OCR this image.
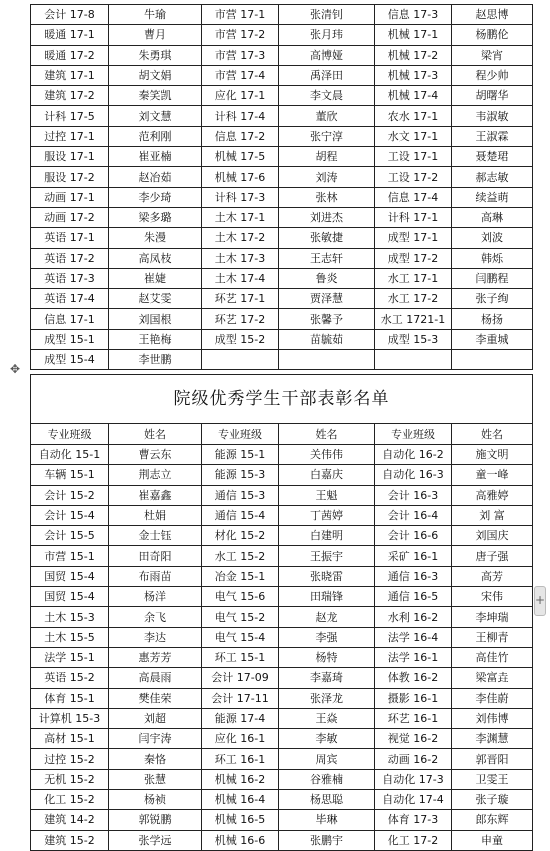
✥
会计 17-8	牛瑜	市营 17-1	张清钊	信息 17-3	赵思博
暖通 17-1	曹月	市营 17-2	张月玮	机械 17-1	杨鹏伦
暖通 17-2	朱勇琪	市营 17-3	高博娅	机械 17-2	梁宵
建筑 17-1	胡文娟	市营 17-4	禹泽田	机械 17-3	程少帅
建筑 17-2	秦笑凯	应化 17-1	李文晨	机械 17-4	胡曙华
计科 17-5	刘文慧	计科 17-4	董欣	农水 17-1	韦淑敏
过控 17-1	范利刚	信息 17-2	张宁淳	水文 17-1	王淑霖
服设 17-1	崔亚楠	机械 17-5	胡程	工设 17-1	聂楚珺
服设 17-2	赵冶茹	机械 17-6	刘涛	工设 17-2	郝志敏
动画 17-1	李少琦	计科 17-3	张林	信息 17-4	续益萌
动画 17-2	梁多璐	土木 17-1	刘进杰	计科 17-1	高琳
英语 17-1	朱漫	土木 17-2	张敏捷	成型 17-1	刘波
英语 17-2	高凤枝	土木 17-3	王志轩	成型 17-2	韩烁
英语 17-3	崔婕	土木 17-4	鲁炎	水工 17-1	闫鹏程
英语 17-4	赵艾雯	环艺 17-1	贾泽慧	水工 17-2	张子绚
信息 17-1	刘国根	环艺 17-2	张馨予	水工 1721-1	杨扬
成型 15-1	王艳梅	成型 15-2	苗毓茹	成型 15-3	李重城
成型 15-4	李世鹏				
院级优秀学生干部表彰名单					
专业班级	姓名	专业班级	姓名	专业班级	姓名
自动化 15-1	曹云东	能源 15-1	关伟伟	自动化 16-2	施文明
车辆 15-1	荆志立	能源 15-3	白嘉庆	自动化 16-3	童一峰
会计 15-2	崔嘉鑫	通信 15-3	王魁	会计 16-3	高雅婷
会计 15-4	杜娟	通信 15-4	丁茜婷	会计 16-4	刘 富
会计 15-5	金士钰	材化 15-2	白建明	会计 16-6	刘国庆
市营 15-1	田奇阳	水工 15-2	王振宇	采矿 16-1	唐子强
国贸 15-4	布雨苗	冶金 15-1	张晓雷	通信 16-3	高芳
国贸 15-4	杨洋	电气 15-6	田瑞锋	通信 16-5	宋伟
土木 15-3	余飞	电气 15-2	赵龙	水利 16-2	李坤瑞
土木 15-5	李达	电气 15-4	李强	法学 16-4	王柳青
法学 15-1	惠芳芳	环工 15-1	杨特	法学 16-1	高佳竹
英语 15-2	高晨雨	会计 17-09	李嘉琦	体教 16-2	梁富垚
体育 15-1	樊佳荣	会计 17-11	张泽龙	摄影 16-1	李佳蔚
计算机 15-3	刘超	能源 17-4	王焱	环艺 16-1	刘伟博
高材 15-1	闫宇涛	应化 16-1	李敏	视觉 16-2	李渊慧
过控 15-2	秦恪	环工 16-1	周宾	动画 16-2	郭晋阳
无机 15-2	张慧	机械 16-2	谷雅楠	自动化 17-3	卫雯王
化工 15-2	杨祯	机械 16-4	杨思聪	自动化 17-4	张子璇
建筑 14-2	郭锐鹏	机械 16-5	毕琳	体育 17-3	郎东辉
建筑 15-2	张学远	机械 16-6	张鹏宇	化工 17-2	申童
+
